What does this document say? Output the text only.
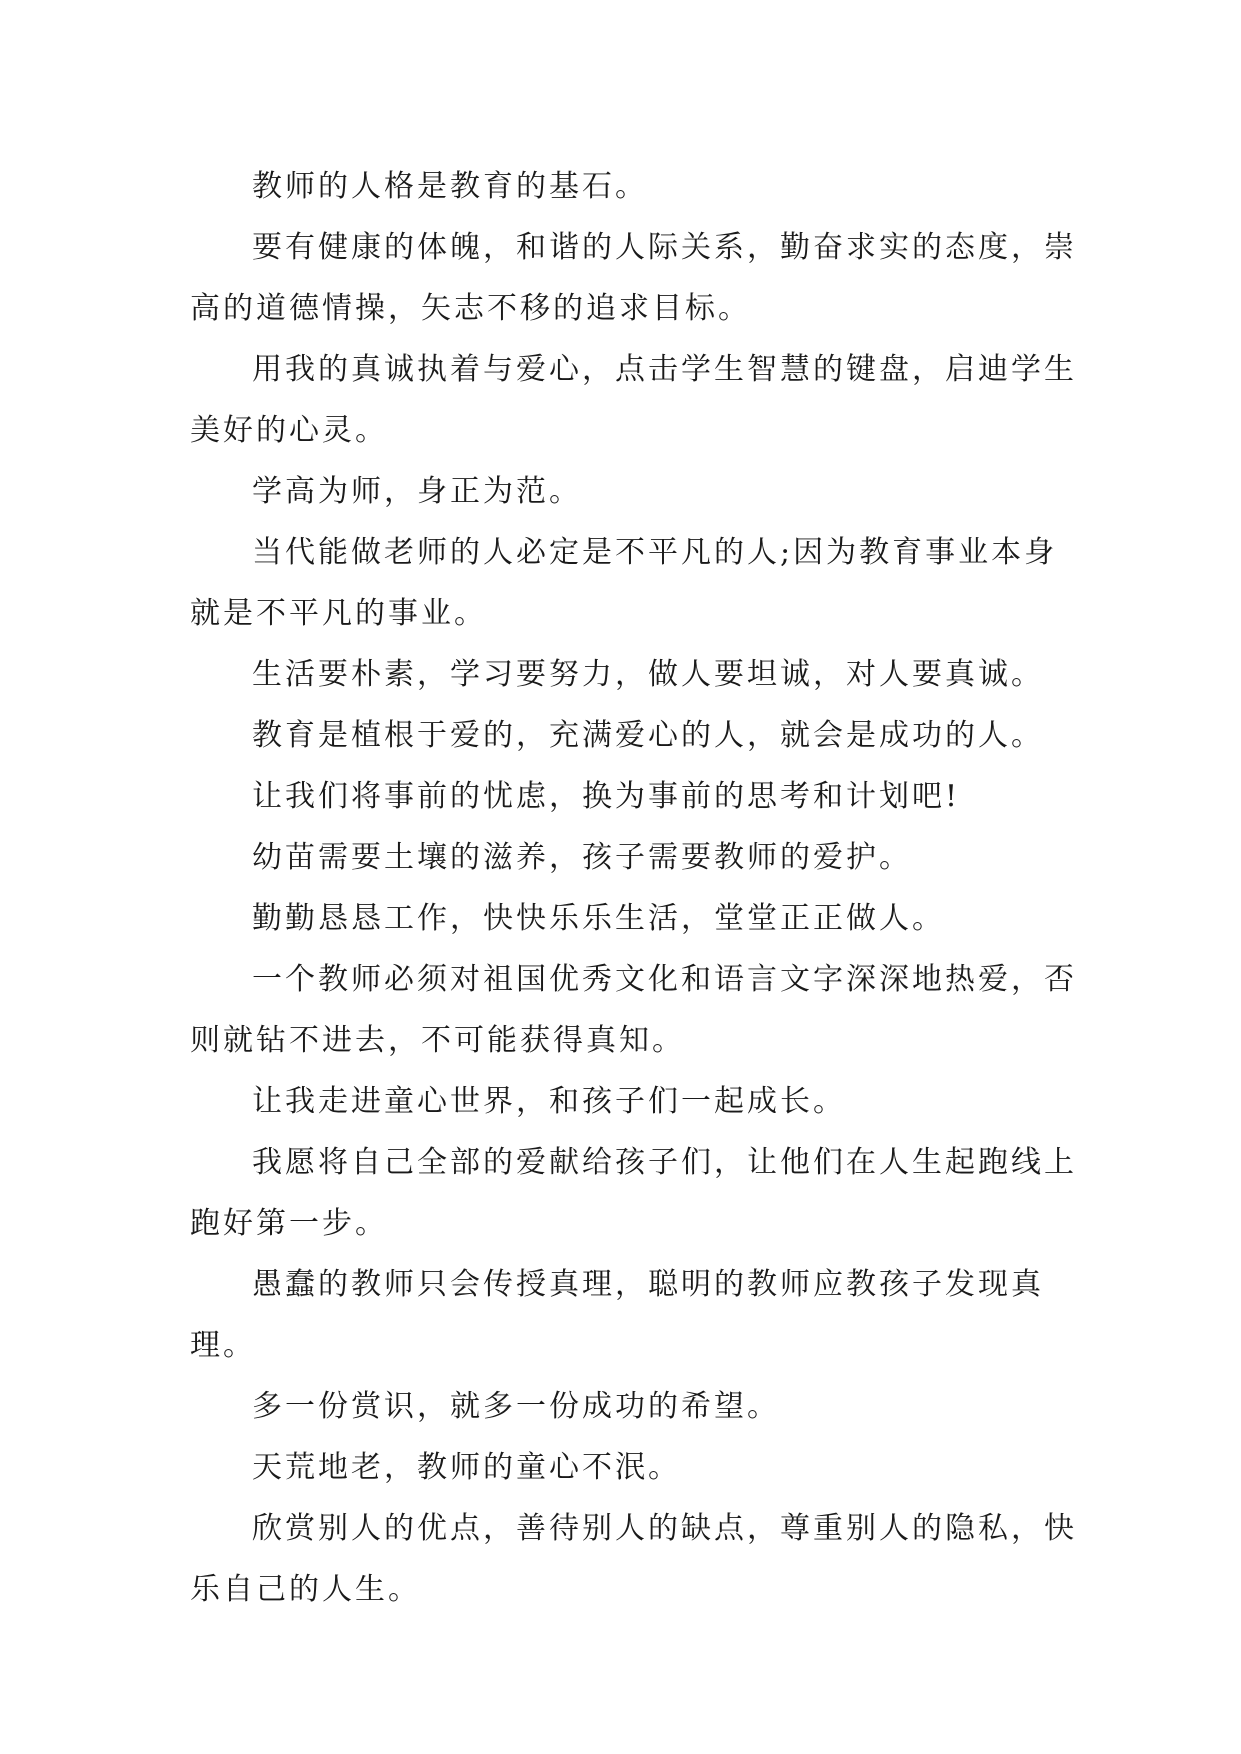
教师的人格是教育的基石。

要有健康的体魄，和谐的人际关系，勤奋求实的态度，崇高的道德情操，矢志不移的追求目标。

用我的真诚执着与爱心，点击学生智慧的键盘，启迪学生美好的心灵。

学高为师，身正为范。

当代能做老师的人必定是不平凡的人;因为教育事业本身就是不平凡的事业。

生活要朴素，学习要努力，做人要坦诚，对人要真诚。

教育是植根于爱的，充满爱心的人，就会是成功的人。

让我们将事前的忧虑，换为事前的思考和计划吧!

幼苗需要土壤的滋养，孩子需要教师的爱护。

勤勤恳恳工作，快快乐乐生活，堂堂正正做人。

一个教师必须对祖国优秀文化和语言文字深深地热爱，否则就钻不进去，不可能获得真知。

让我走进童心世界，和孩子们一起成长。

我愿将自己全部的爱献给孩子们，让他们在人生起跑线上跑好第一步。

愚蠢的教师只会传授真理，聪明的教师应教孩子发现真理。

多一份赏识，就多一份成功的希望。

天荒地老，教师的童心不泯。

欣赏别人的优点，善待别人的缺点，尊重别人的隐私，快乐自己的人生。
